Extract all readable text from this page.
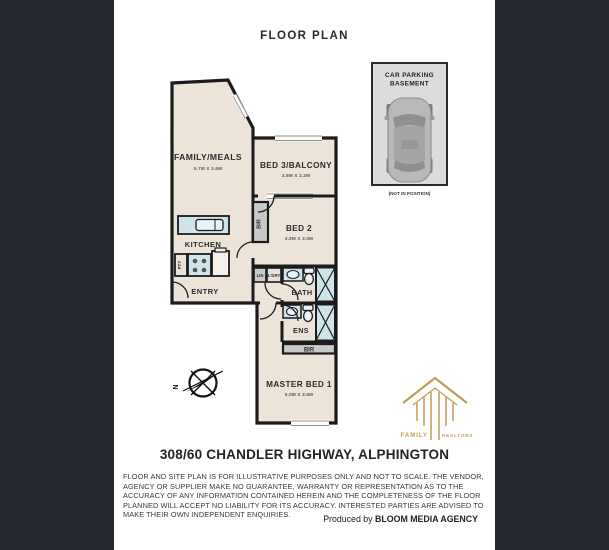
FLOOR PLAN
FAMILY/MEALS
5.7M X 3.6M	BED 3/BALCONY
3.8M X 2.2M
BED 2
3.8M X 3.0M
KITCHEN
ENTRY	BATH
ENS
MASTER BED 1
5.0M X 3.5M
BIR
BIR
LIN L'DRY
PTY
N
CAR PARKING
BASEMENT
(NOT IN POSITION)
FAMILY	REALTORS
308/60 CHANDLER HIGHWAY, ALPHINGTON
FLOOR AND SITE PLAN IS FOR ILLUSTRATIVE PURPOSES ONLY AND NOT TO SCALE. THE VENDOR, AGENCY OR SUPPLIER MAKE NO GUARANTEE, WARRANTY OR REPRESENTATION AS TO THE ACCURACY OF ANY INFORMATION CONTAINED HEREIN AND THE COMPLETENESS OF THE FLOOR PLANNED WILL ACCEPT NO LIABILITY FOR ITS ACCURACY. INTERESTED PARTIES ARE ADVISED TO MAKE THEIR OWN INDEPENDENT ENQUIRIES.	Produced by BLOOM MEDIA AGENCY
